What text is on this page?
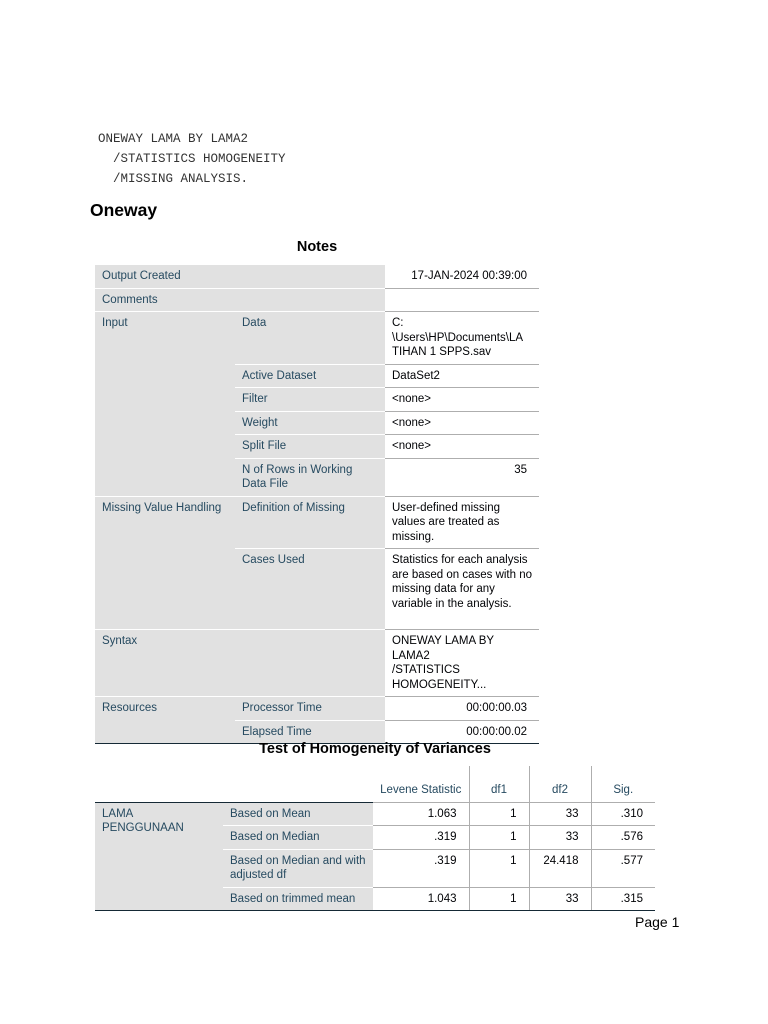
ONEWAY LAMA BY LAMA2
/STATISTICS HOMOGENEITY
/MISSING ANALYSIS.
Oneway
Notes
Output Created		17-JAN-2024 00:39:00
Comments		
Input	Data	C:
\Users\HP\Documents\LA
TIHAN 1 SPPS.sav
	Active Dataset	DataSet2
	Filter	<none>
	Weight	<none>
	Split File	<none>
	N of Rows in Working Data File	35
Missing Value Handling	Definition of Missing	User-defined missing values are treated as missing.
	Cases Used	Statistics for each analysis are based on cases with no missing data for any variable in the analysis.
Syntax		ONEWAY LAMA BY
LAMA2
/STATISTICS
HOMOGENEITY...
Resources	Processor Time	00:00:00.03
	Elapsed Time	00:00:00.02
Test of Homogeneity of Variances
		Levene Statistic	df1	df2	Sig.
LAMA PENGGUNAAN	Based on Mean	1.063	1	33	.310
	Based on Median	.319	1	33	.576
	Based on Median and with adjusted df	.319	1	24.418	.577
	Based on trimmed mean	1.043	1	33	.315
Page 1
